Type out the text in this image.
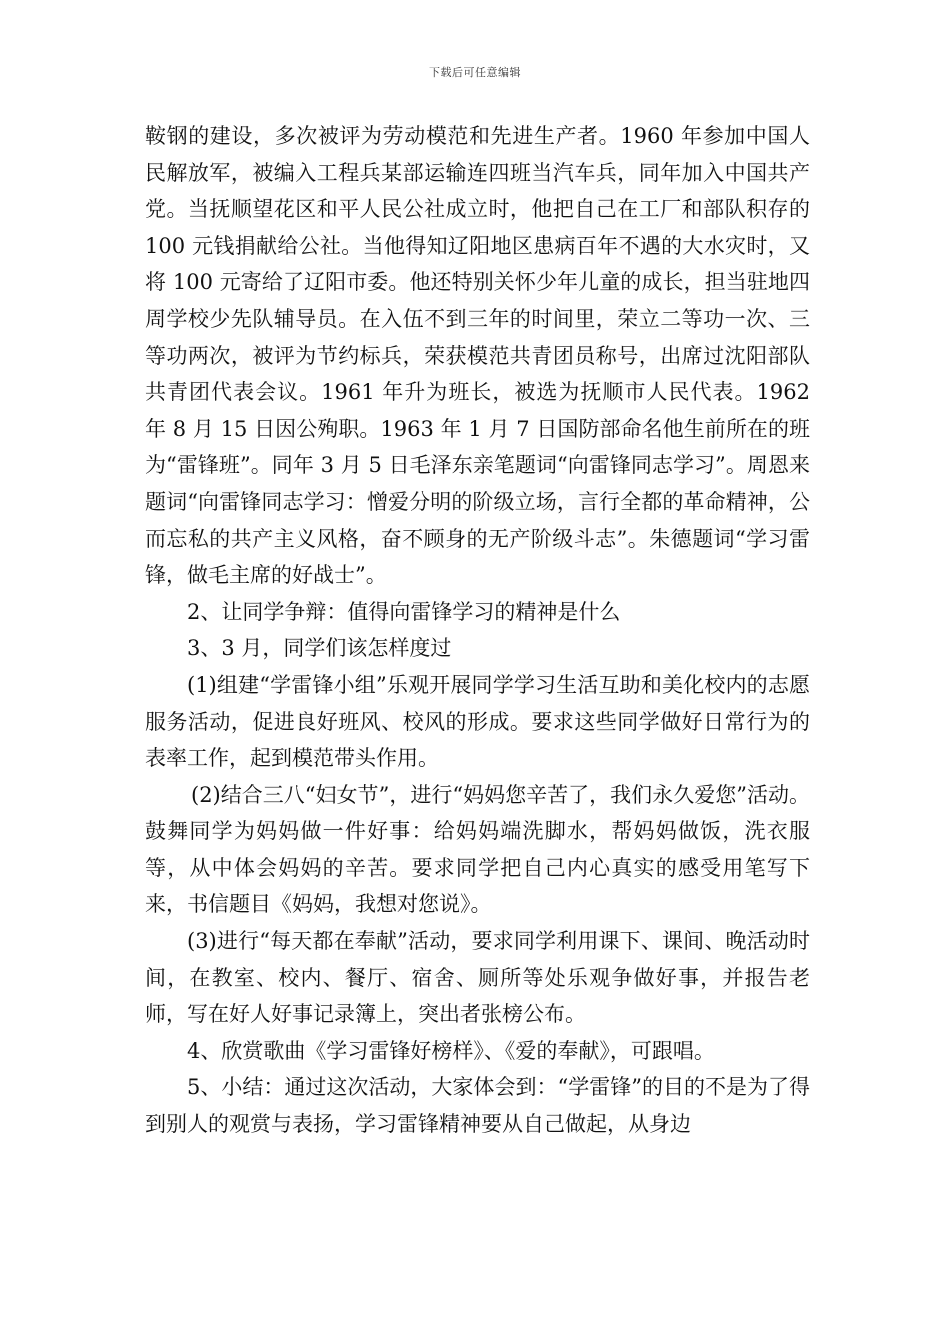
下载后可任意编辑

鞍钢的建设，多次被评为劳动模范和先进生产者。1960 年参加中国人民解放军，被编入工程兵某部运输连四班当汽车兵，同年加入中国共产党。当抚顺望花区和平人民公社成立时，他把自己在工厂和部队积存的 100 元钱捐献给公社。当他得知辽阳地区患病百年不遇的大水灾时，又将 100 元寄给了辽阳市委。他还特别关怀少年儿童的成长，担当驻地四周学校少先队辅导员。在入伍不到三年的时间里，荣立二等功一次、三等功两次，被评为节约标兵，荣获模范共青团员称号，出席过沈阳部队共青团代表会议。1961 年升为班长，被选为抚顺市人民代表。1962 年 8 月 15 日因公殉职。1963 年 1 月 7 日国防部命名他生前所在的班为“雷锋班”。同年 3 月 5 日毛泽东亲笔题词“向雷锋同志学习”。周恩来题词“向雷锋同志学习：憎爱分明的阶级立场，言行全都的革命精神，公而忘私的共产主义风格，奋不顾身的无产阶级斗志”。朱德题词“学习雷锋，做毛主席的好战士”。

2、让同学争辩：值得向雷锋学习的精神是什么

3、3 月，同学们该怎样度过

(1)组建“学雷锋小组”乐观开展同学学习生活互助和美化校内的志愿服务活动，促进良好班风、校风的形成。要求这些同学做好日常行为的表率工作，起到模范带头作用。

(2)结合三八“妇女节”，进行“妈妈您辛苦了，我们永久爱您”活动。鼓舞同学为妈妈做一件好事：给妈妈端洗脚水，帮妈妈做饭，洗衣服等，从中体会妈妈的辛苦。要求同学把自己内心真实的感受用笔写下来，书信题目《妈妈，我想对您说》。

(3)进行“每天都在奉献”活动，要求同学利用课下、课间、晚活动时间，在教室、校内、餐厅、宿舍、厕所等处乐观争做好事，并报告老师，写在好人好事记录簿上，突出者张榜公布。

4、欣赏歌曲《学习雷锋好榜样》、《爱的奉献》，可跟唱。

5、小结：通过这次活动，大家体会到：“学雷锋”的目的不是为了得到别人的观赏与表扬，学习雷锋精神要从自己做起，从身边
